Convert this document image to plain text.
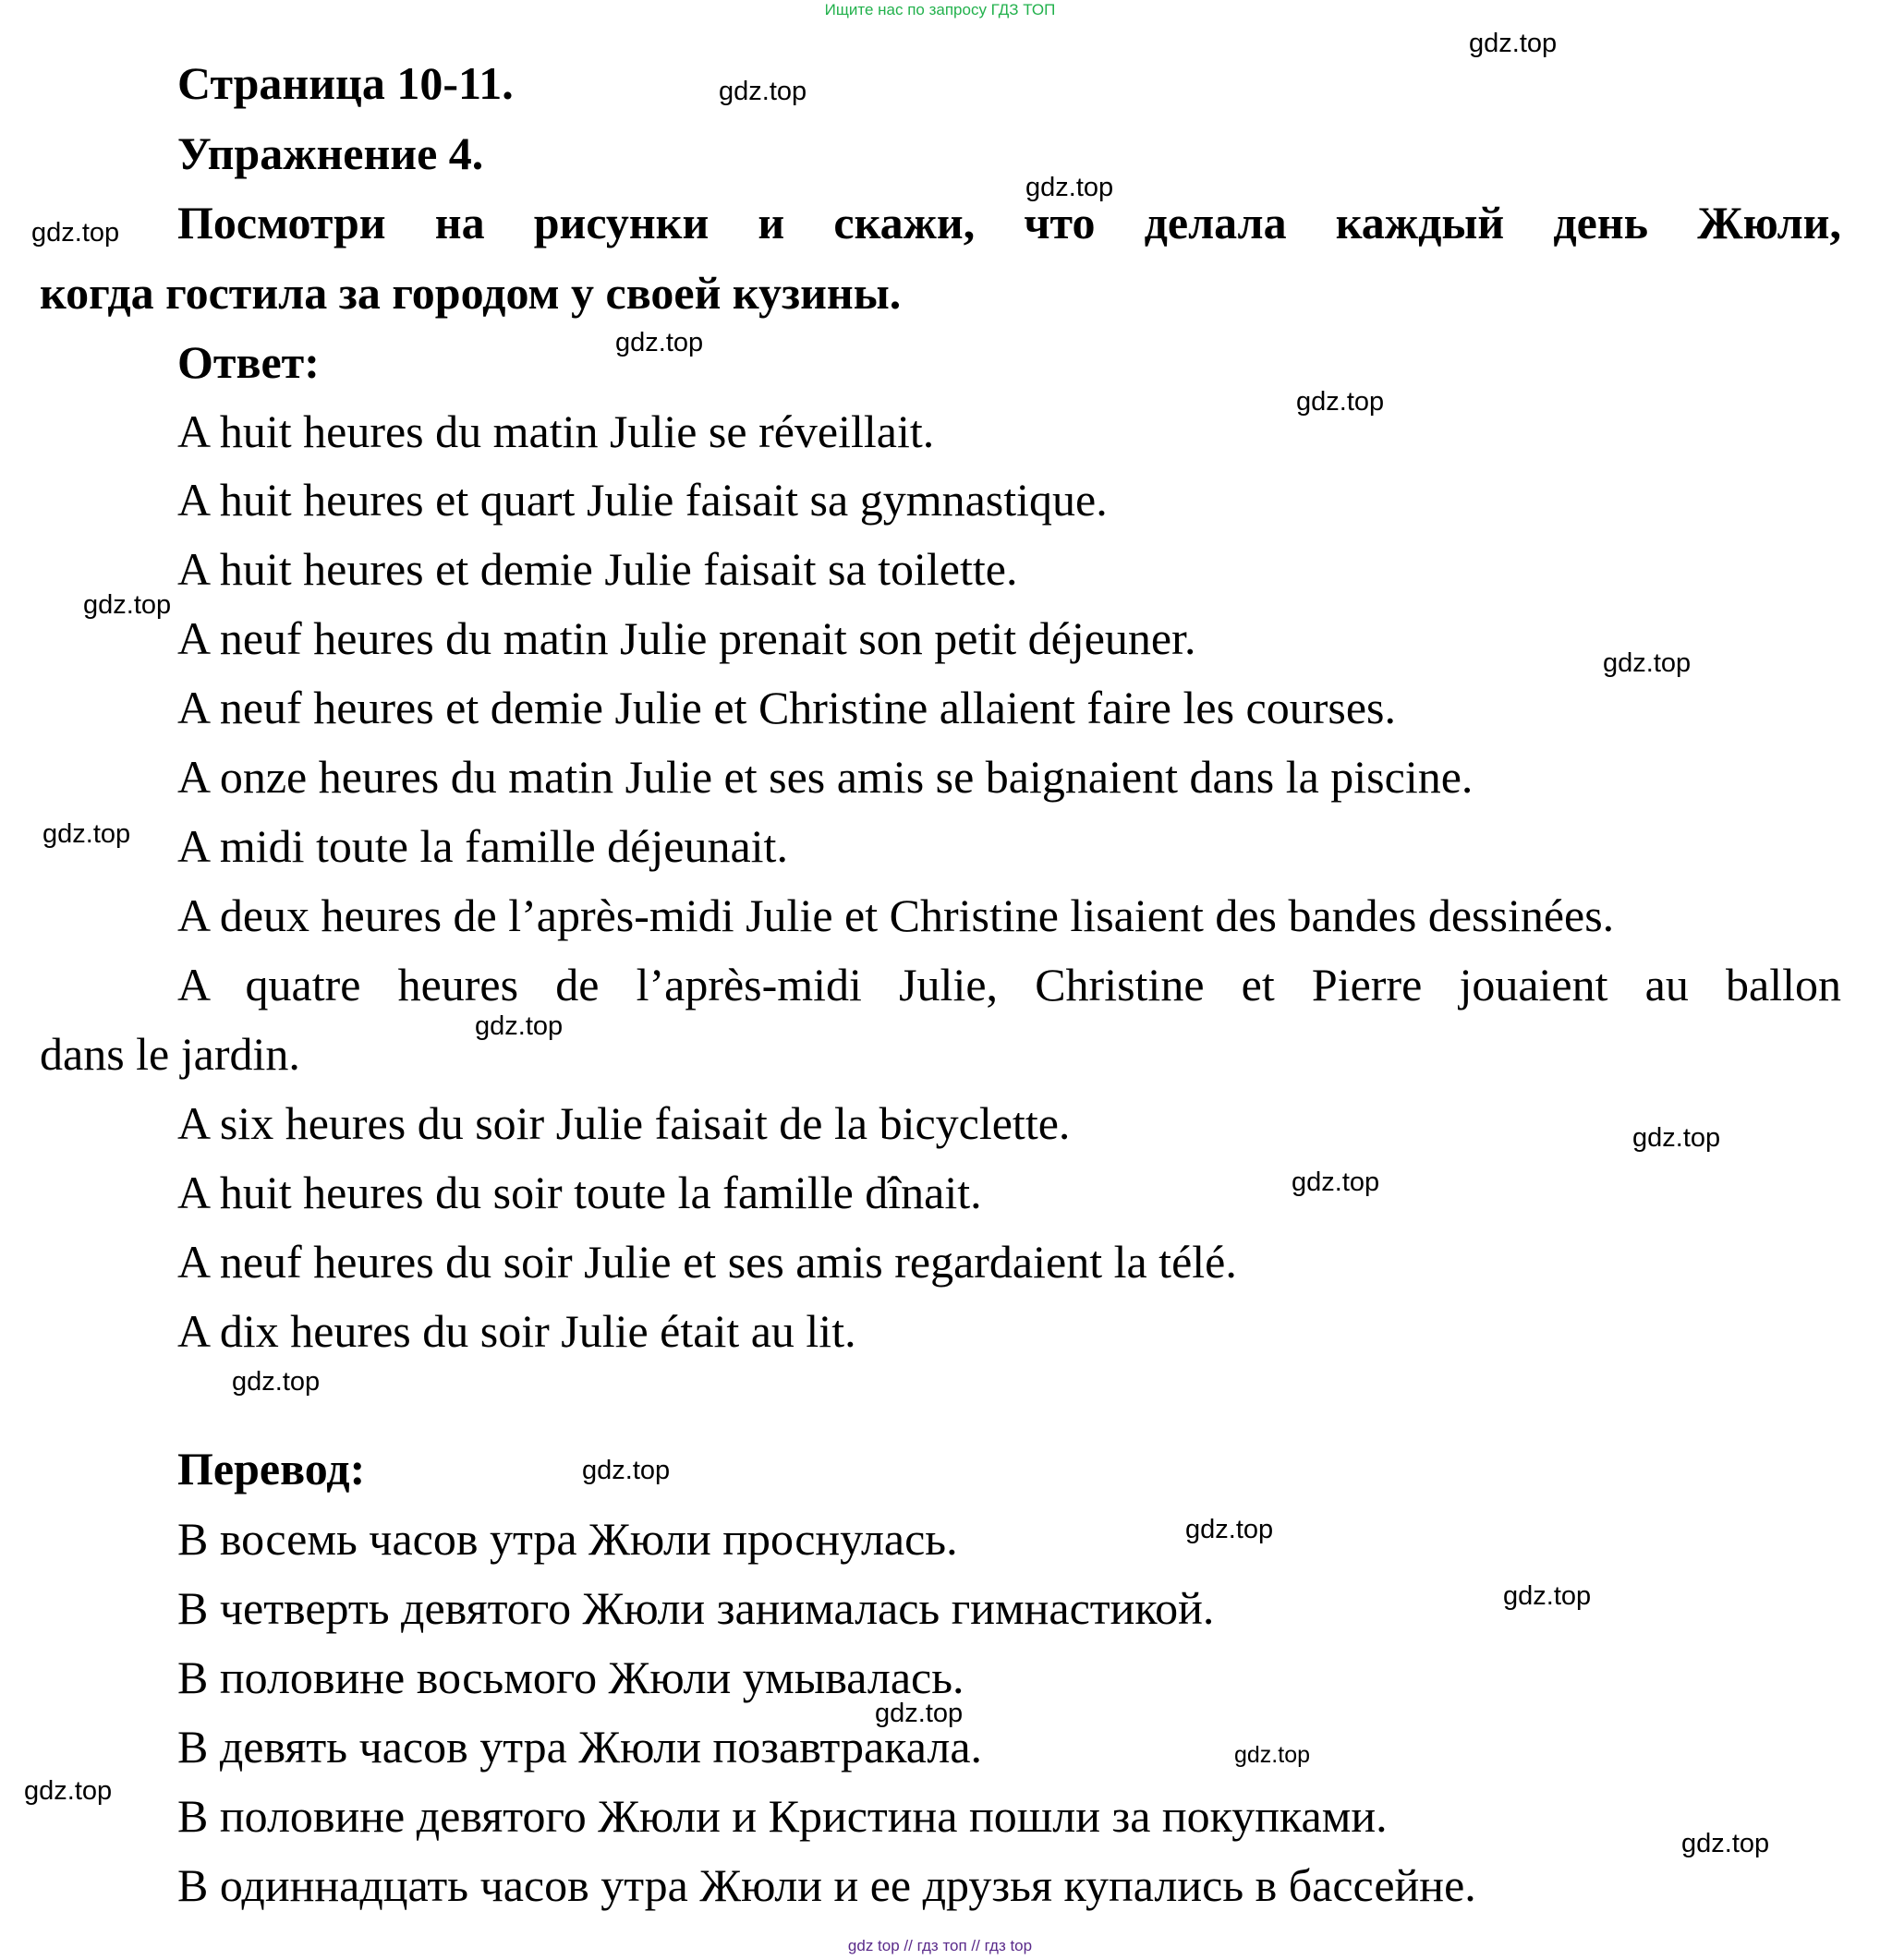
Ищите нас по запросу ГДЗ ТОП
Страница 10-11.
Упражнение 4.
Посмотри на рисунки и скажи, что делала каждый день Жюли,
когда гостила за городом у своей кузины.
Ответ:
A huit heures du matin Julie se réveillait.
A huit heures et quart Julie faisait sa gymnastique.
A huit heures et demie Julie faisait sa toilette.
A neuf heures du matin Julie prenait son petit déjeuner.
A neuf heures et demie Julie et Christine allaient faire les courses.
A onze heures du matin Julie et ses amis se baignaient dans la piscine.
A midi toute la famille déjeunait.
A deux heures de l’après-midi Julie et Christine lisaient des bandes dessinées.
A quatre heures de l’après-midi Julie, Christine et Pierre jouaient au ballon
dans le jardin.
A six heures du soir Julie faisait de la bicyclette.
A huit heures du soir toute la famille dînait.
A neuf heures du soir Julie et ses amis regardaient la télé.
A dix heures du soir Julie était au lit.
Перевод:
В восемь часов утра Жюли проснулась.
В четверть девятого Жюли занималась гимнастикой.
В половине восьмого Жюли умывалась.
В девять часов утра Жюли позавтракала.
В половине девятого Жюли и Кристина пошли за покупками.
В одиннадцать часов утра Жюли и ее друзья купались в бассейне.
gdz.top
gdz.top
gdz.top
gdz.top
gdz.top
gdz.top
gdz.top
gdz.top
gdz.top
gdz.top
gdz.top
gdz.top
gdz.top
gdz.top
gdz.top
gdz.top
gdz.top
gdz.top
gdz.top
gdz.top
gdz top // гдз топ // гдз top
